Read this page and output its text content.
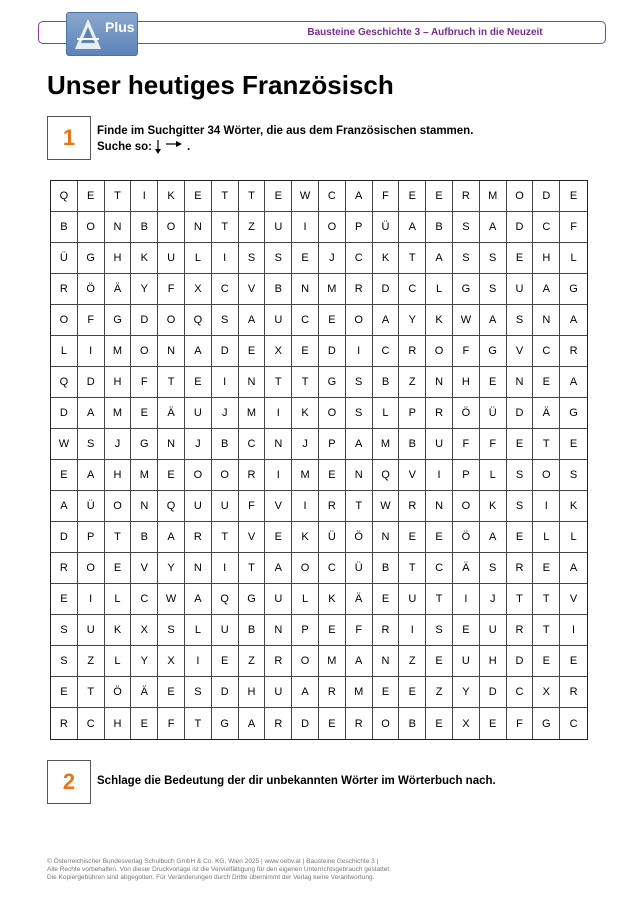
Bausteine Geschichte 3 – Aufbruch in die Neuzeit
Plus
Unser heutiges Französisch
1 Finde im Suchgitter 34 Wörter, die aus dem Französischen stammen.
Suche so:	.
Q	E	T	I	K	E	T	T	E	W	C	A	F	E	E	R	M	O	D	E
B	O	N	B	O	N	T	Z	U	I	O	P	Ü	A	B	S	A	D	C	F
Ü	G	H	K	U	L	I	S	S	E	J	C	K	T	A	S	S	E	H	L
R	Ö	Ä	Y	F	X	C	V	B	N	M	R	D	C	L	G	S	U	A	G
O	F	G	D	O	Q	S	A	U	C	E	O	A	Y	K	W	A	S	N	A
L	I	M	O	N	A	D	E	X	E	D	I	C	R	O	F	G	V	C	R
Q	D	H	F	T	E	I	N	T	T	G	S	B	Z	N	H	E	N	E	A
D	A	M	E	Ä	U	J	M	I	K	O	S	L	P	R	Ö	Ü	D	Ä	G
W	S	J	G	N	J	B	C	N	J	P	A	M	B	U	F	F	E	T	E
E	A	H	M	E	O	O	R	I	M	E	N	Q	V	I	P	L	S	O	S
A	Ü	O	N	Q	U	U	F	V	I	R	T	W	R	N	O	K	S	I	K
D	P	T	B	A	R	T	V	E	K	Ü	Ö	N	E	E	Ö	A	E	L	L
R	O	E	V	Y	N	I	T	A	O	C	Ü	B	T	C	Ä	S	R	E	A
E	I	L	C	W	A	Q	G	U	L	K	Ä	E	U	T	I	J	T	T	V
S	U	K	X	S	L	U	B	N	P	E	F	R	I	S	E	U	R	T	I
S	Z	L	Y	X	I	E	Z	R	O	M	A	N	Z	E	U	H	D	E	E
E	T	Ö	Ä	E	S	D	H	U	A	R	M	E	E	Z	Y	D	C	X	R
R	C	H	E	F	T	G	A	R	D	E	R	O	B	E	X	E	F	G	C
2 Schlage die Bedeutung der dir unbekannten Wörter im Wörterbuch nach.
© Österreichischer Bundesverlag Schulbuch GmbH & Co. KG, Wien 2025 | www.oebv.at | Bausteine Geschichte 3 |
Alle Rechte vorbehalten. Von dieser Druckvorlage ist die Vervielfältigung für den eigenen Unterrichtsgebrauch gestattet.
Die Kopiergebühren sind abgegolten. Für Veränderungen durch Dritte übernimmt der Verlag keine Verantwortung.
